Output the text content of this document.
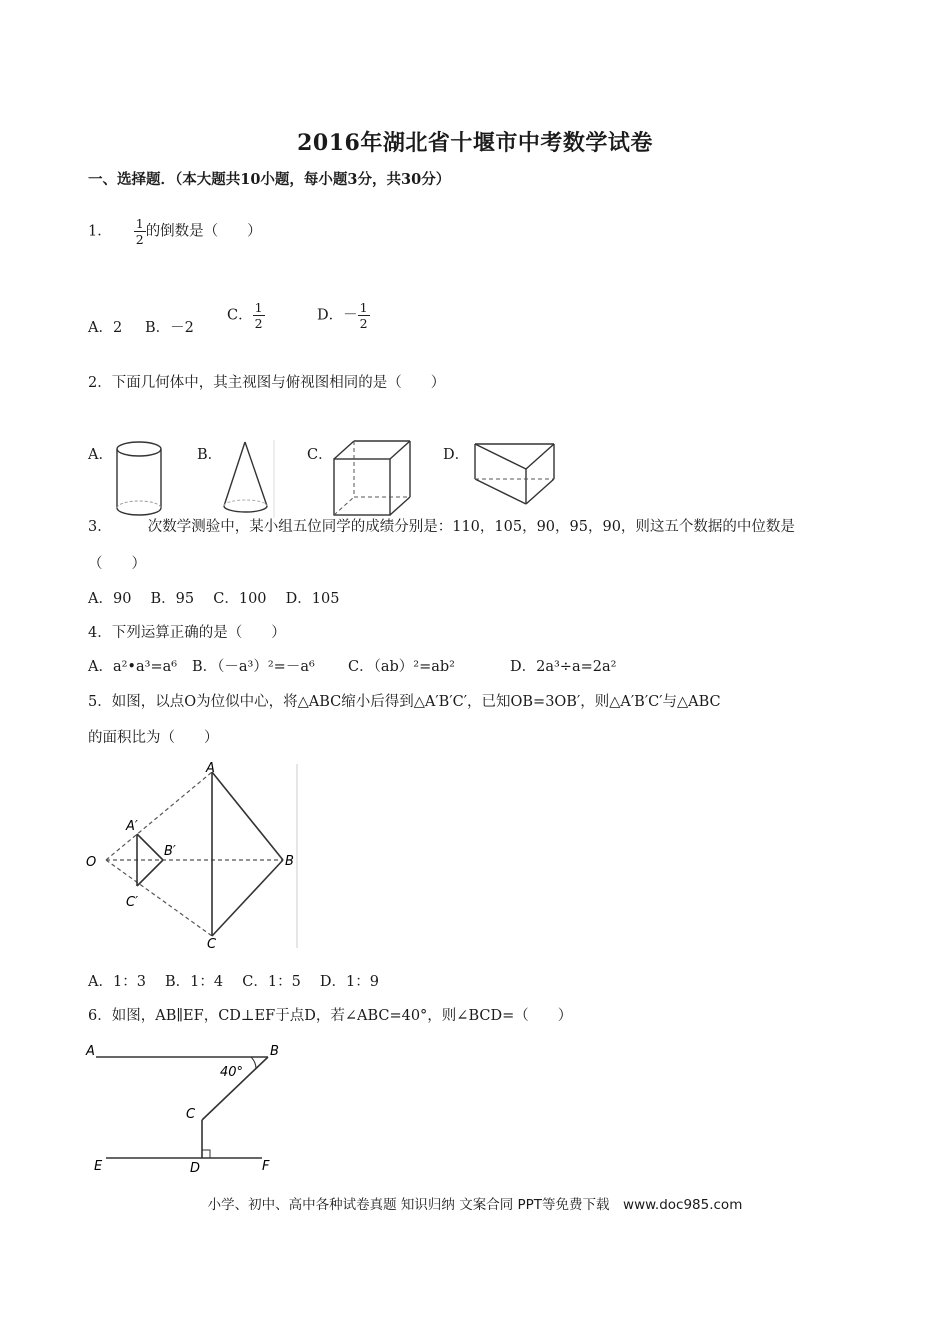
2016年湖北省十堰市中考数学试卷
一、选择题．（本大题共10小题，每小题3分，共30分）
1． $\frac{1}{2}$ 的倒数是（　　）
A．2 B．－2
C． $\frac{1}{2}$	D．－ $\frac{1}{2}$
2．下面几何体中，其主视图与俯视图相同的是（　　）
A．	B．	C．	D．
3． 次数学测验中，某小组五位同学的成绩分别是：110，105，90，95，90，则这五个数据的中位数是
（　　）
A．90　 B．95　 C．100　 D．105
4．下列运算正确的是（　　）
A．a²•a³=a⁶ B．（－a³）²=－a⁶ C．（ab）²=ab²	D．2a³÷a=2a²
5．如图，以点O为位似中心，将△ABC缩小后得到△A′B′C′，已知OB=3OB′，则△A′B′C′与△ABC
的面积比为（　　）
A
A′
B′
B
C′
C
O
A．1：3　 B．1：4　 C．1：5　 D．1：9
6．如图，AB∥EF，CD⊥EF于点D，若∠ABC=40°，则∠BCD=（　　）
A	B
40°
C
D
E	F
小学、初中、高中各种试卷真题 知识归纳 文案合同 PPT等免费下载　www.doc985.com
